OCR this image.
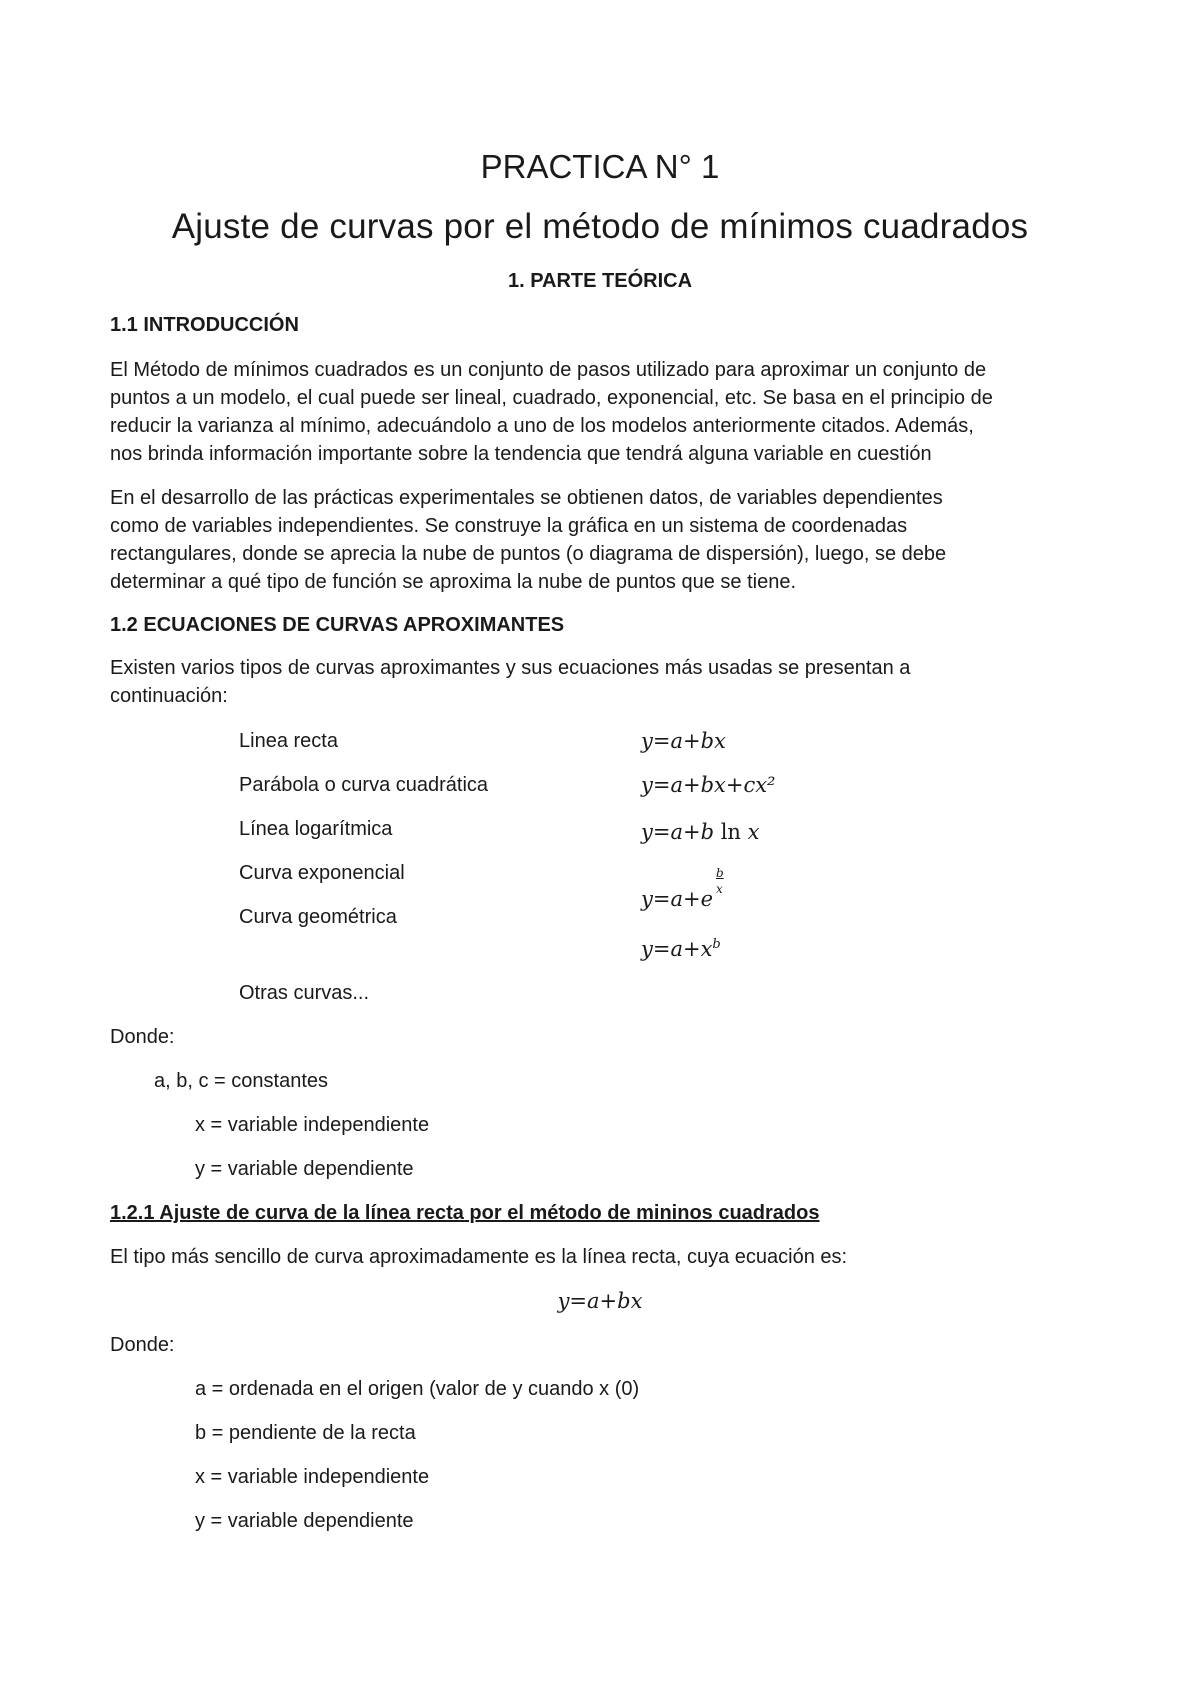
PRACTICA N° 1
Ajuste de curvas por el método de mínimos cuadrados
1. PARTE TEÓRICA
1.1 INTRODUCCIÓN
El Método de mínimos cuadrados es un conjunto de pasos utilizado para aproximar un conjunto de
puntos a un modelo, el cual puede ser lineal, cuadrado, exponencial, etc. Se basa en el principio de
reducir la varianza al mínimo, adecuándolo a uno de los modelos anteriormente citados. Además,
nos brinda información importante sobre la tendencia que tendrá alguna variable en cuestión
En el desarrollo de las prácticas experimentales se obtienen datos, de variables dependientes
como de variables independientes. Se construye la gráfica en un sistema de coordenadas
rectangulares, donde se aprecia la nube de puntos (o diagrama de dispersión), luego, se debe
determinar a qué tipo de función se aproxima la nube de puntos que se tiene.
1.2 ECUACIONES DE CURVAS APROXIMANTES
Existen varios tipos de curvas aproximantes y sus ecuaciones más usadas se presentan a
continuación:
Linea recta
Parábola o curva cuadrática
Línea logarítmica
Curva exponencial
Curva geométrica
Otras curvas...
y=a+bx
y=a+bx+cx²
y=a+b ln x
y=a+e
b
x
$y=a+x^b$
Donde:
a, b, c = constantes
x = variable independiente
y = variable dependiente
1.2.1 Ajuste de curva de la línea recta por el método de mininos cuadrados
El tipo más sencillo de curva aproximadamente es la línea recta, cuya ecuación es:
y=a+bx
Donde:
a = ordenada en el origen (valor de y cuando x (0)
b = pendiente de la recta
x = variable independiente
y = variable dependiente
